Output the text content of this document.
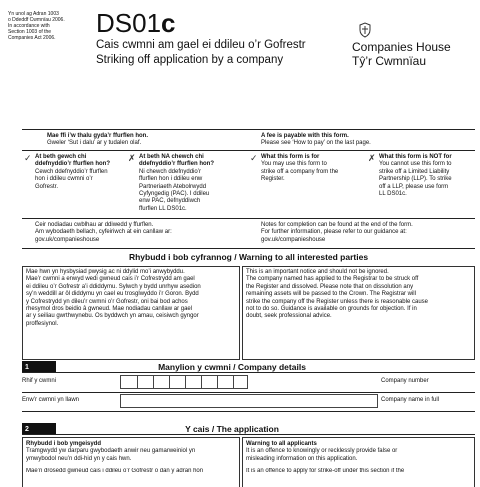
Yn unol ag Adran 1003

o Ddeddf Cwmnïau 2006.

In accordance with

Section 1003 of the

Companies Act 2006.	DS01c
Cais cwmni am gael ei ddileu o’r Gofrestr
Striking off application by a company
Companies House
Tŷ’r Cwmnïau
Mae ffi i’w thalu gyda’r ffurflen hon.
Gweler ‘Sut i dalu’ ar y tudalen olaf.
A fee is payable with this form.
Please see ‘How to pay’ on the last page.
✓ At beth gewch chi
ddefnyddio’r ffurflen hon?
Cewch ddefnyddio’r ffurflen
hon i ddileu cwmni o’r
Gofrestr.
✗ At beth NA chewch chi
ddefnyddio’r ffurflen hon?
Ni chewch ddefnyddio’r
ffurflen hon i ddileu enw
Partneriaeth Atebolrwydd
Cyfyngedig (PAC). I ddileu
enw PAC, defnyddiwch
ffurflen LL DS01c.
✓ What this form is for
You may use this form to
strike off a company from the
Register.
✗ What this form is NOT for
You cannot use this form to
strike off a Limited Liability
Partnership (LLP). To strike
off a LLP, please use form
LL DS01c.
Ceir nodiadau cwblhau ar ddiwedd y ffurflen.
Am wybodaeth bellach, cyfeiriwch at ein canllaw ar:
gov.uk/companieshouse
Notes for completion can be found at the end of the form.
For further information, please refer to our guidance at:
gov.uk/companieshouse
Rhybudd i bob cyfrannog / Warning to all interested parties
Mae hwn yn hysbysiad pwysig ac ni ddylid mo’i anwybyddu.
Mae’r cwmni a enwyd wedi gwneud cais i’r Cofrestrydd am gael
ei ddileu o’r Gofrestr a’i ddiddymu. Sylwch y bydd unrhyw asedion
sy’n weddill ar ôl diddymu yn cael eu trosglwyddo i’r Goron. Bydd
y Cofrestrydd yn dileu’r cwmni o’r Gofrestr, oni bai bod achos
rhesymol dros beidio â gwneud. Mae nodiadau canllaw ar gael
ar y seiliau gwrthwynebu. Os byddwch yn amau, ceisiwch gyngor
proffesiynol.
This is an important notice and should not be ignored.
The company named has applied to the Registrar to be struck off
the Register and dissolved. Please note that on dissolution any
remaining assets will be passed to the Crown. The Registrar will
strike the company off the Register unless there is reasonable cause
not to do so. Guidance is available on grounds for objection. If in
doubt, seek professional advice.
1	Manylion y cwmni / Company details
Rhif y cwmni	Company number
Enw’r cwmni yn llawn	Company name in full
2	Y cais / The application
Rhybudd i bob ymgeisydd
Tramgwydd yw darparu gwybodaeth anwir neu gamarweiniol yn
ymwybodol neu’n ddi-hid yn y cais hwn.
Mae’n drosedd gwneud cais i ddileu o’r Gofrestr o dan y adran hon
Warning to all applicants
It is an offence to knowingly or recklessly provide false or
misleading information on this application.
It is an offence to apply for strike-off under this section if the
